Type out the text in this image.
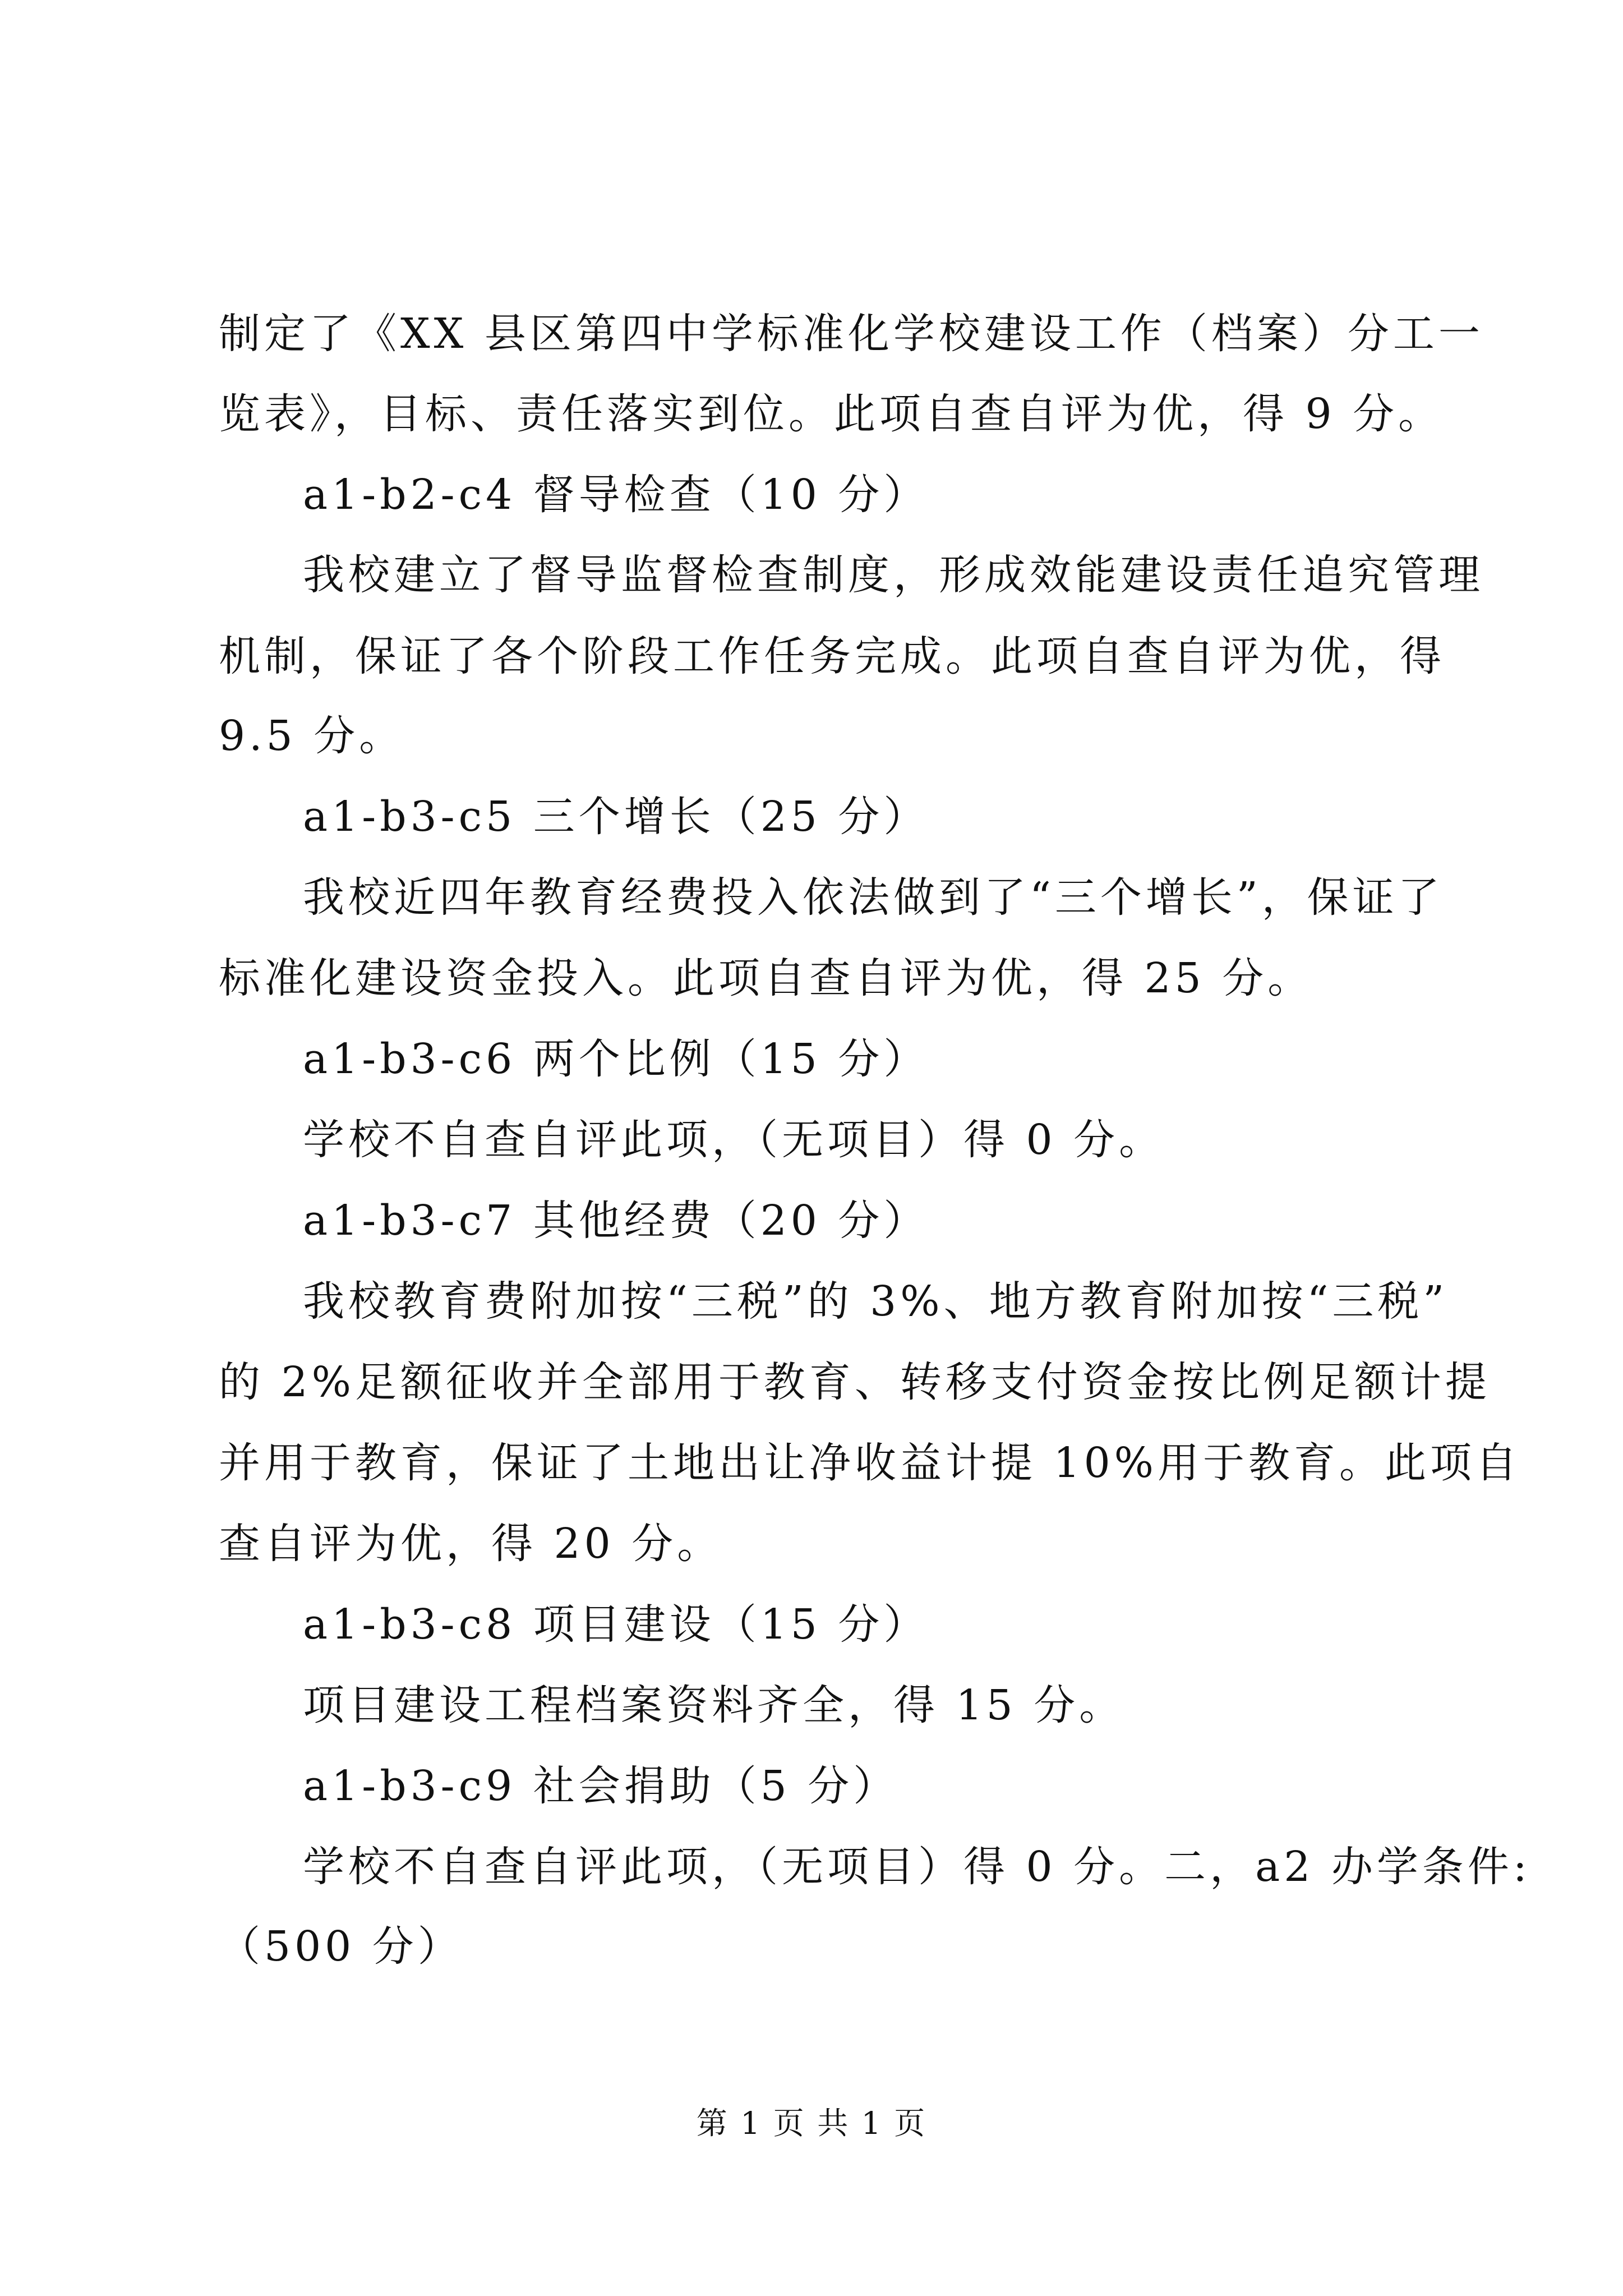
制定了《XX 县区第四中学标准化学校建设工作（档案）分工一
览表》，目标、责任落实到位。此项自查自评为优，得 9 分。
a1-b2-c4 督导检查（10 分）
我校建立了督导监督检查制度，形成效能建设责任追究管理
机制，保证了各个阶段工作任务完成。此项自查自评为优，得
9.5 分。
a1-b3-c5 三个增长（25 分）
我校近四年教育经费投入依法做到了“三个增长”，保证了
标准化建设资金投入。此项自查自评为优，得 25 分。
a1-b3-c6 两个比例（15 分）
学校不自查自评此项，（无项目）得 0 分。
a1-b3-c7 其他经费（20 分）
我校教育费附加按“三税”的 3%、地方教育附加按“三税”
的 2%足额征收并全部用于教育、转移支付资金按比例足额计提
并用于教育，保证了土地出让净收益计提 10%用于教育。此项自
查自评为优，得 20 分。
a1-b3-c8 项目建设（15 分）
项目建设工程档案资料齐全，得 15 分。
a1-b3-c9 社会捐助（5 分）
学校不自查自评此项，（无项目）得 0 分。二，a2 办学条件:
（500 分）
第 1 页 共 1 页
